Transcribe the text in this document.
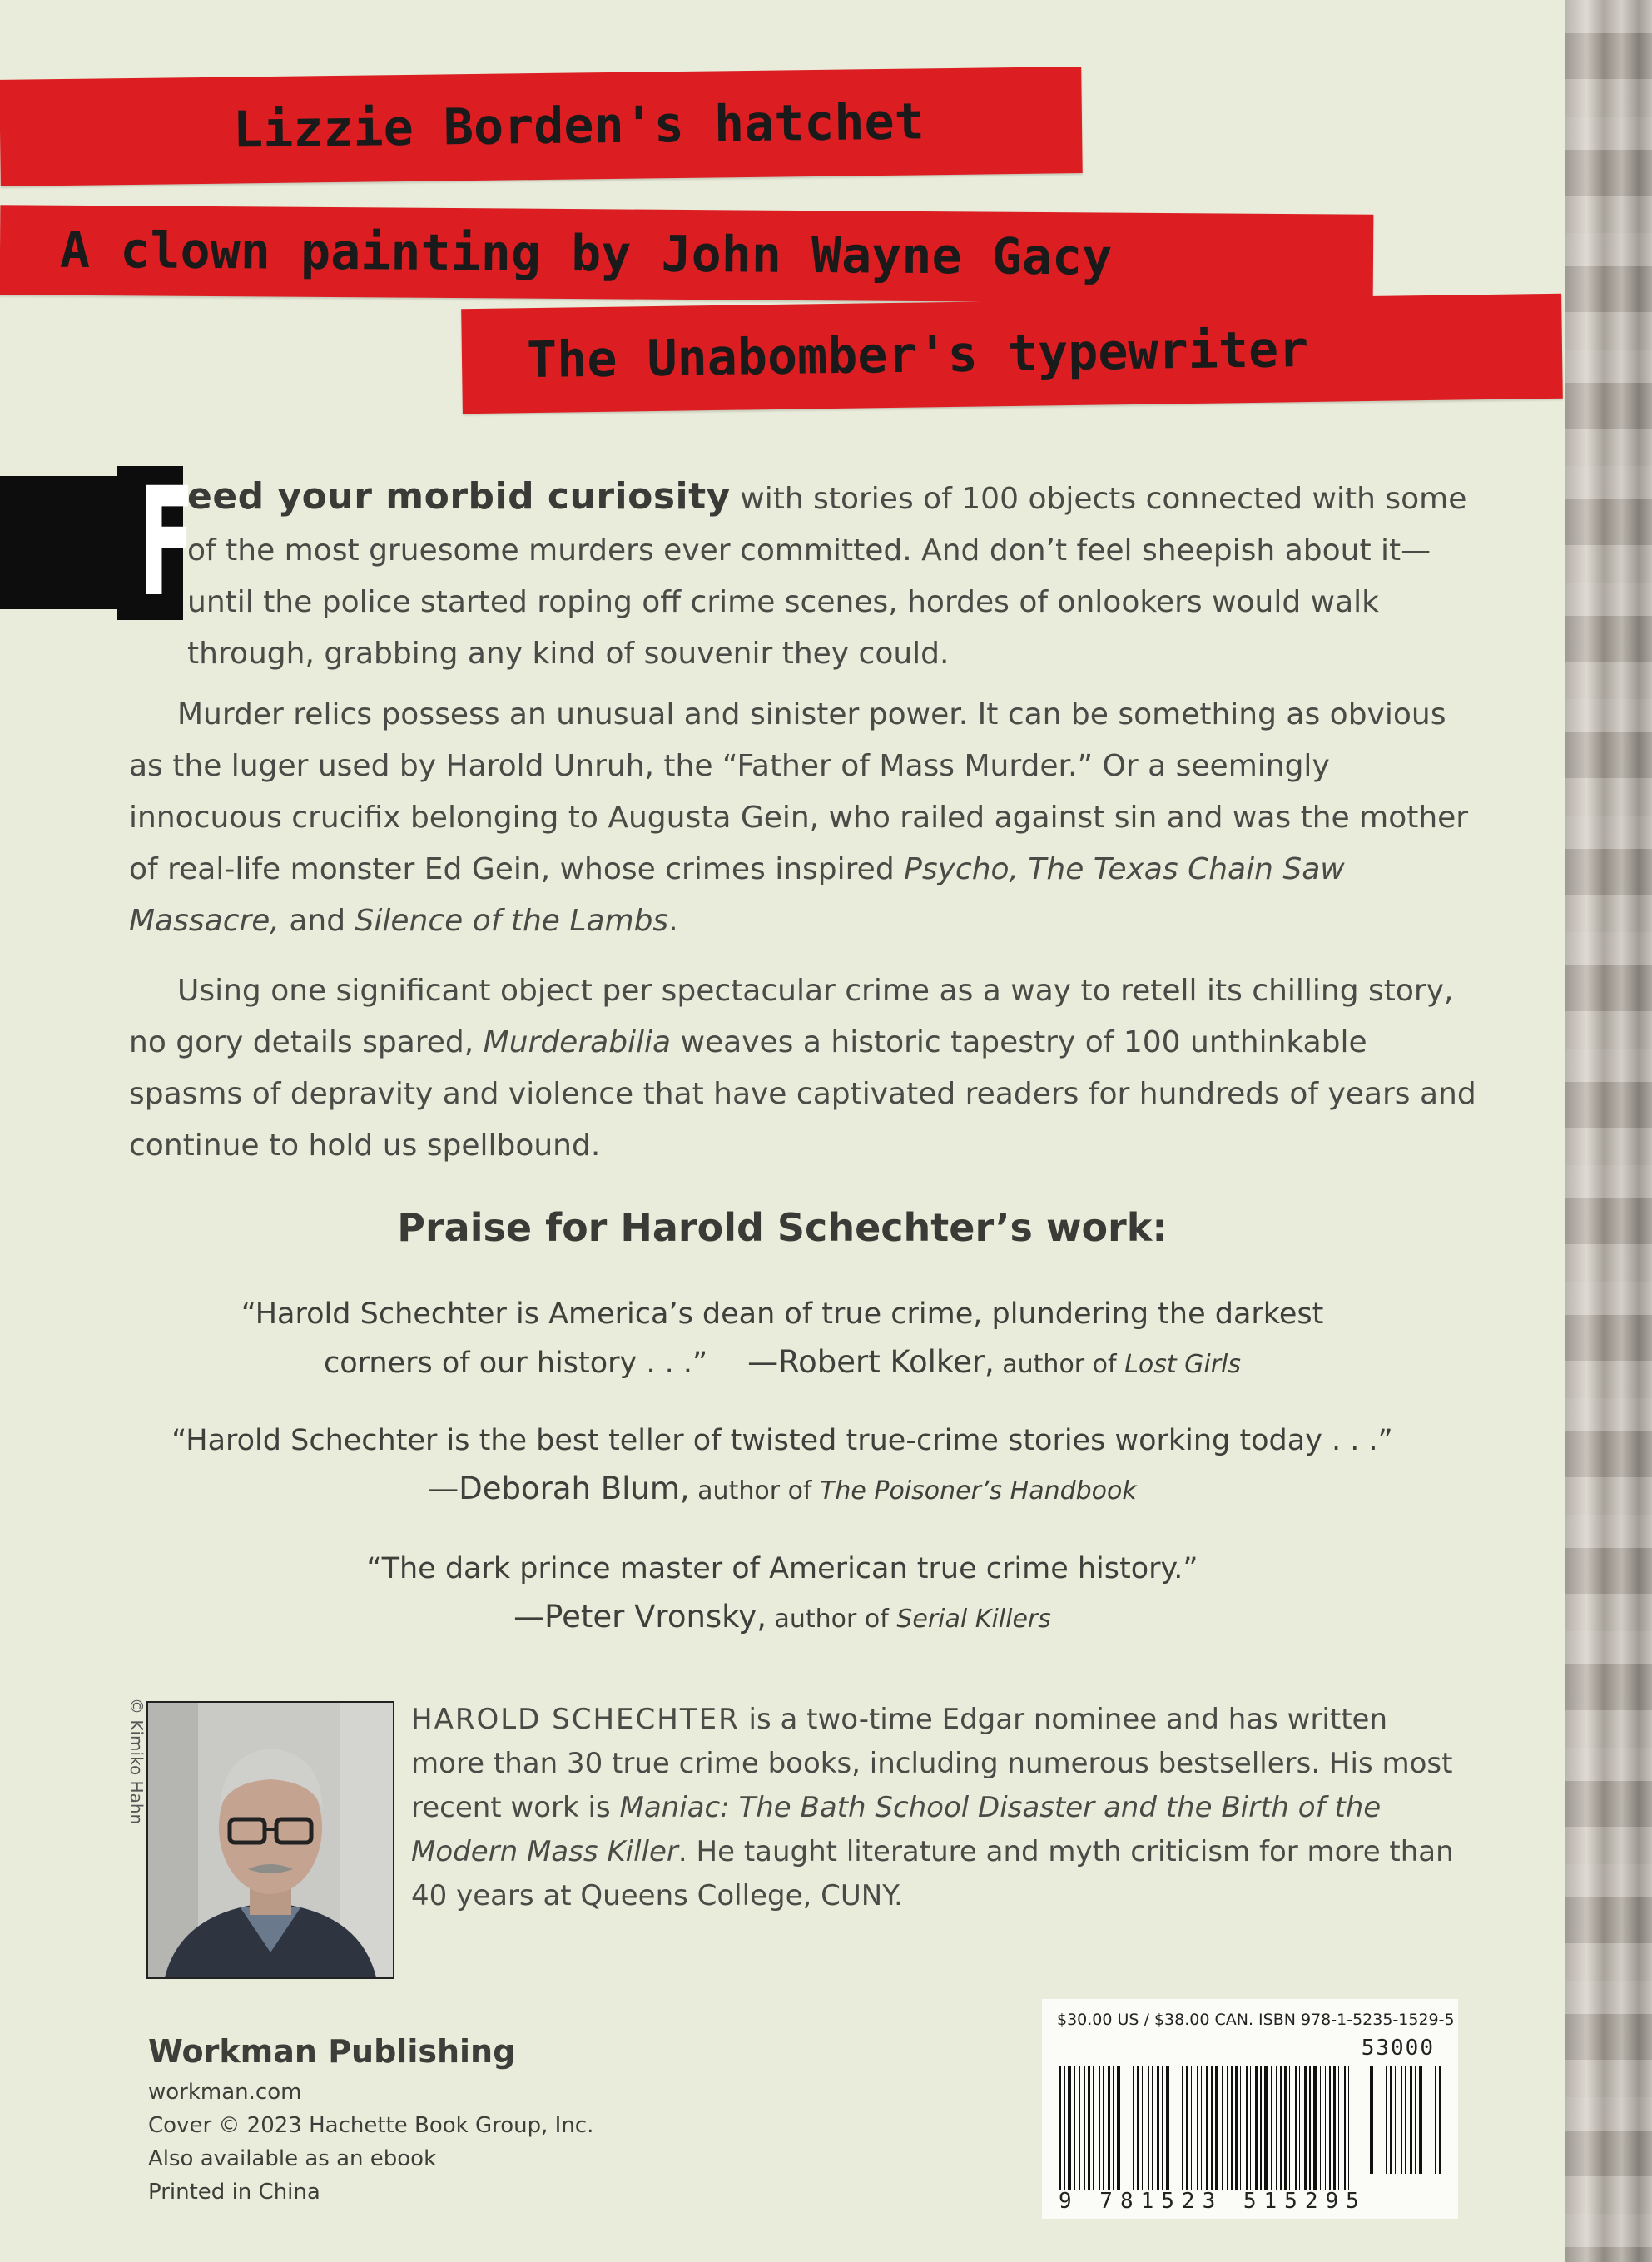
Lizzie Borden's hatchet
A clown painting by John Wayne Gacy
The Unabomber's typewriter
F
eed your morbid curiosity with stories of 100 objects connected with some of the most gruesome murders ever committed. And don’t feel sheepish about it—until the police started roping off crime scenes, hordes of onlookers would walk through, grabbing any kind of souvenir they could.
Murder relics possess an unusual and sinister power. It can be something as obvious as the luger used by Harold Unruh, the “Father of Mass Murder.” Or a seemingly innocuous crucifix belonging to Augusta Gein, who railed against sin and was the mother of real-life monster Ed Gein, whose crimes inspired Psycho, The Texas Chain Saw Massacre, and Silence of the Lambs.
Using one significant object per spectacular crime as a way to retell its chilling story, no gory details spared, Murderabilia weaves a historic tapestry of 100 unthinkable spasms of depravity and violence that have captivated readers for hundreds of years and continue to hold us spellbound.
Praise for Harold Schechter’s work:
“Harold Schechter is America’s dean of true crime, plundering the darkest
corners of our history . . .” —Robert Kolker, author of Lost Girls
“Harold Schechter is the best teller of twisted true-crime stories working today . . .”
—Deborah Blum, author of The Poisoner’s Handbook
“The dark prince master of American true crime history.”
—Peter Vronsky, author of Serial Killers
© Kimiko Hahn	HAROLD SCHECHTER is a two-time Edgar nominee and has written more than 30 true crime books, including numerous bestsellers. His most recent work is Maniac: The Bath School Disaster and the Birth of the Modern Mass Killer. He taught literature and myth criticism for more than 40 years at Queens College, CUNY.
Workman Publishing
workman.com
Cover © 2023 Hachette Book Group, Inc.
Also available as an ebook
Printed in China
$30.00 US / $38.00 CAN. ISBN 978-1-5235-1529-5
53000
9 781523 515295
